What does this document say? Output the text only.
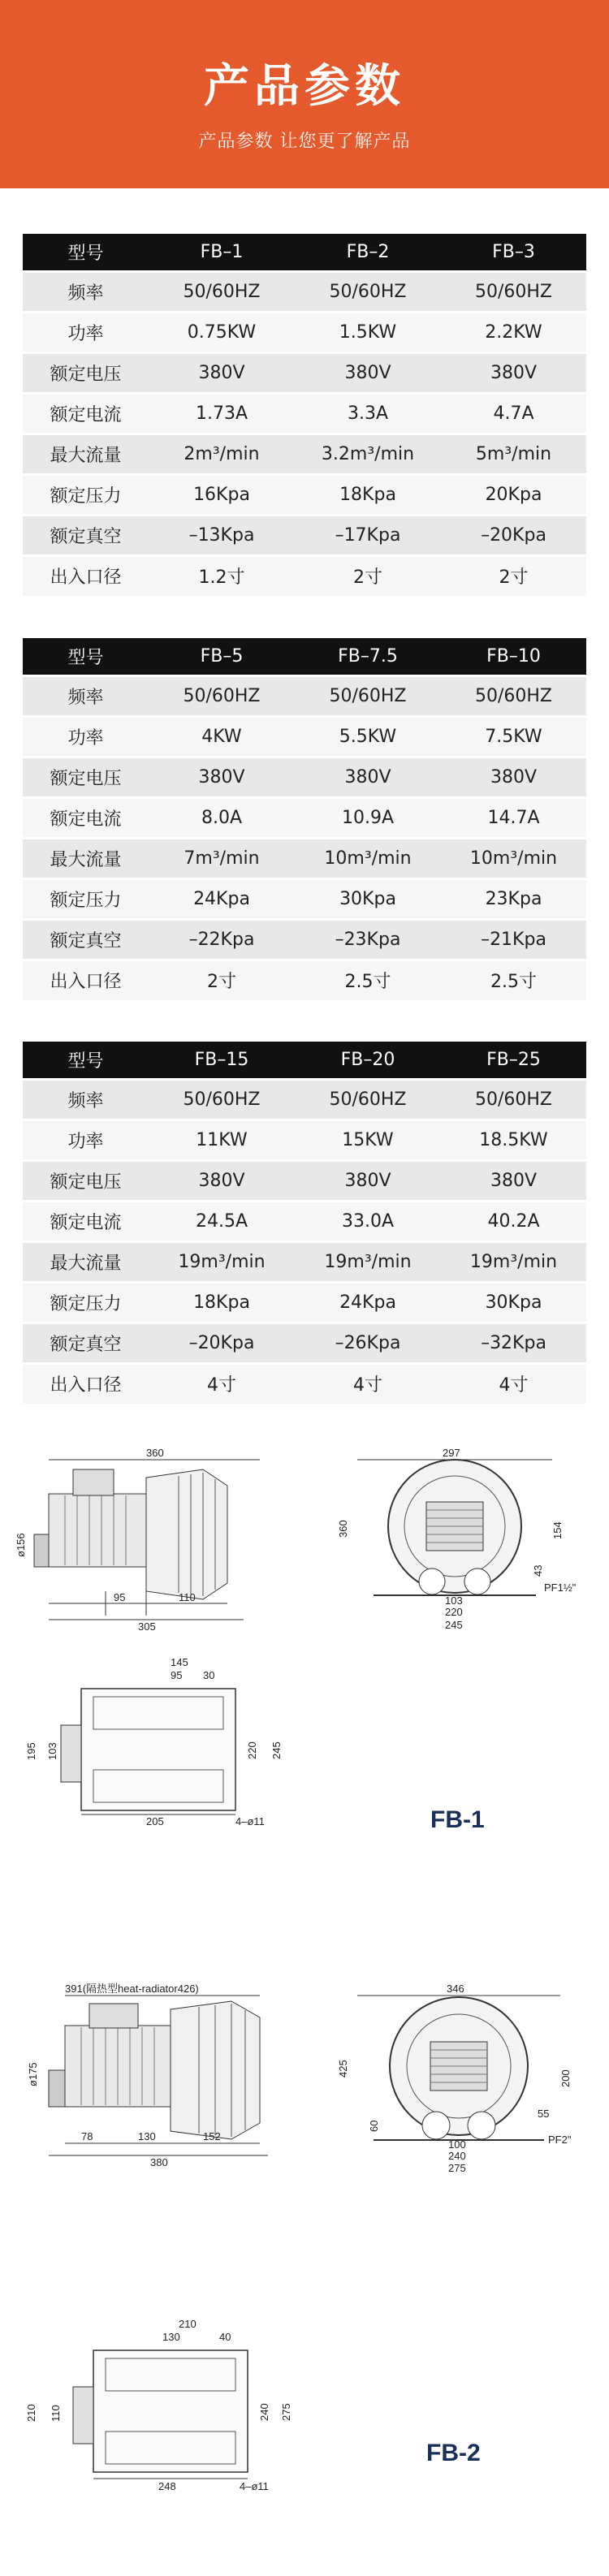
产品参数
产品参数 让您更了解产品
型号	FB–1	FB–2	FB–3
频率	50/60HZ	50/60HZ	50/60HZ
功率	0.75KW	1.5KW	2.2KW
额定电压	380V	380V	380V
额定电流	1.73A	3.3A	4.7A
最大流量	2m³/min	3.2m³/min	5m³/min
额定压力	16Kpa	18Kpa	20Kpa
额定真空	–13Kpa	–17Kpa	–20Kpa
出入口径	1.2寸	2寸	2寸
型号	FB–5	FB–7.5	FB–10
频率	50/60HZ	50/60HZ	50/60HZ
功率	4KW	5.5KW	7.5KW
额定电压	380V	380V	380V
额定电流	8.0A	10.9A	14.7A
最大流量	7m³/min	10m³/min	10m³/min
额定压力	24Kpa	30Kpa	23Kpa
额定真空	–22Kpa	–23Kpa	–21Kpa
出入口径	2寸	2.5寸	2.5寸
型号	FB–15	FB–20	FB–25
频率	50/60HZ	50/60HZ	50/60HZ
功率	11KW	15KW	18.5KW
额定电压	380V	380V	380V
额定电流	24.5A	33.0A	40.2A
最大流量	19m³/min	19m³/min	19m³/min
额定压力	18Kpa	24Kpa	30Kpa
额定真空	–20Kpa	–26Kpa	–32Kpa
出入口径	4寸	4寸	4寸
360
ø156
95	110
305
297
360	154
43
103
220
245
PF1½"
145
95 30
195 103	220 245
205	4–ø11	FB-1
391(隔热型heat-radiator426)
ø175
78	130	152
380
346
425
200
55
60
100
240
275
PF2"
210
130	40
210 110	240 275
248	4–ø11
FB-2
